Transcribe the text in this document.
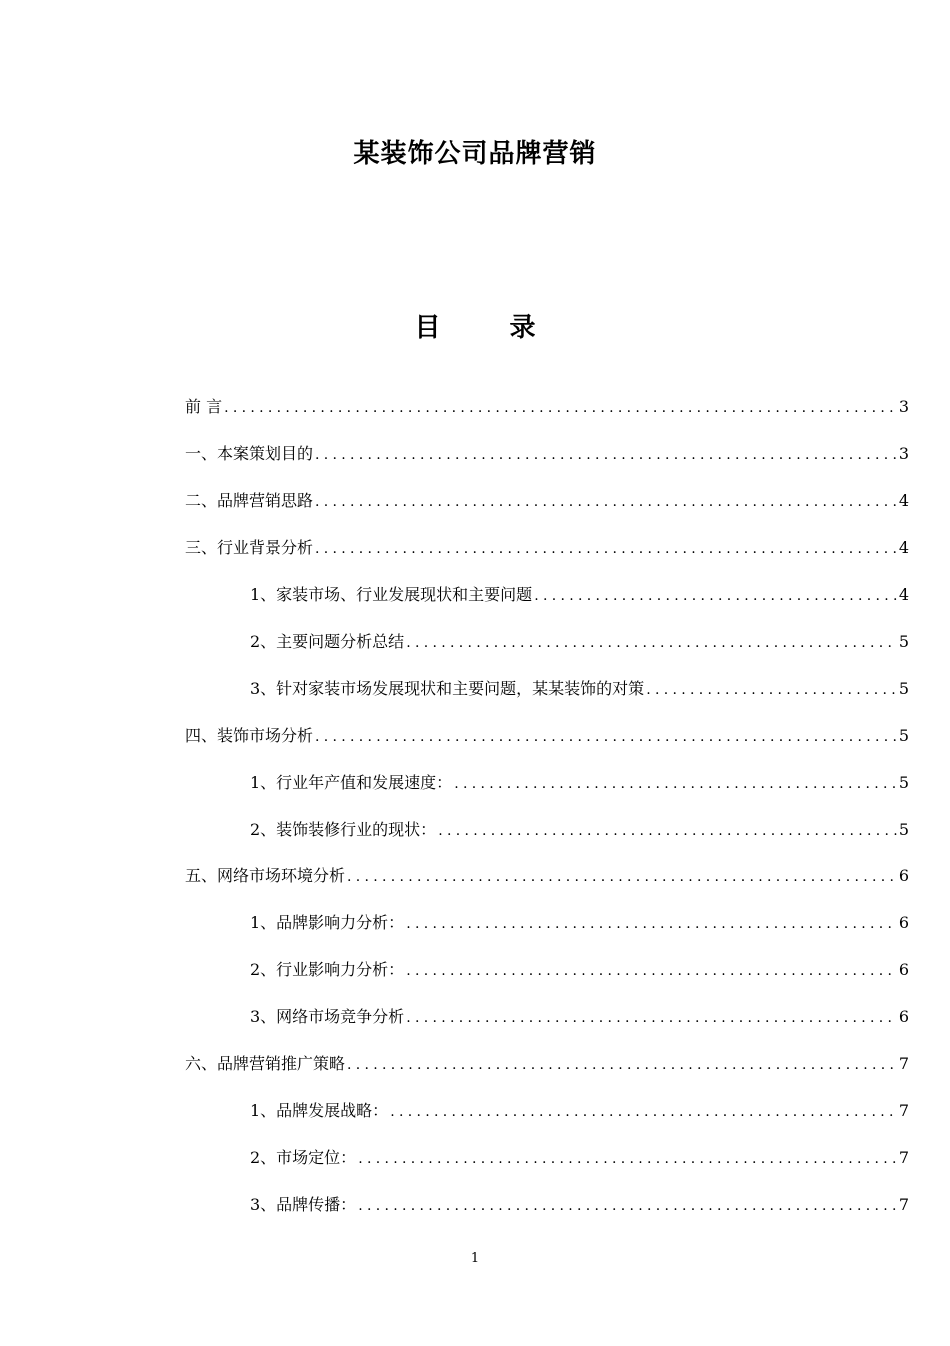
某装饰公司品牌营销
目 录
前 言 .....	3
一、本案策划目的 .....	3
二、品牌营销思路 .....	4
三、行业背景分析 .....	4
1、家装市场、行业发展现状和主要问题 .....	4
2、主要问题分析总结 .....	5
3、针对家装市场发展现状和主要问题，某某装饰的对策 .....	5
四、装饰市场分析 .....	5
1、行业年产值和发展速度： .....	5
2、装饰装修行业的现状： .....	5
五、网络市场环境分析 .....	6
1、品牌影响力分析： .....	6
2、行业影响力分析： .....	6
3、网络市场竞争分析 .....	6
六、品牌营销推广策略 .....	7
1、品牌发展战略： .....	7
2、市场定位： .....	7
3、品牌传播： .....	7
1
